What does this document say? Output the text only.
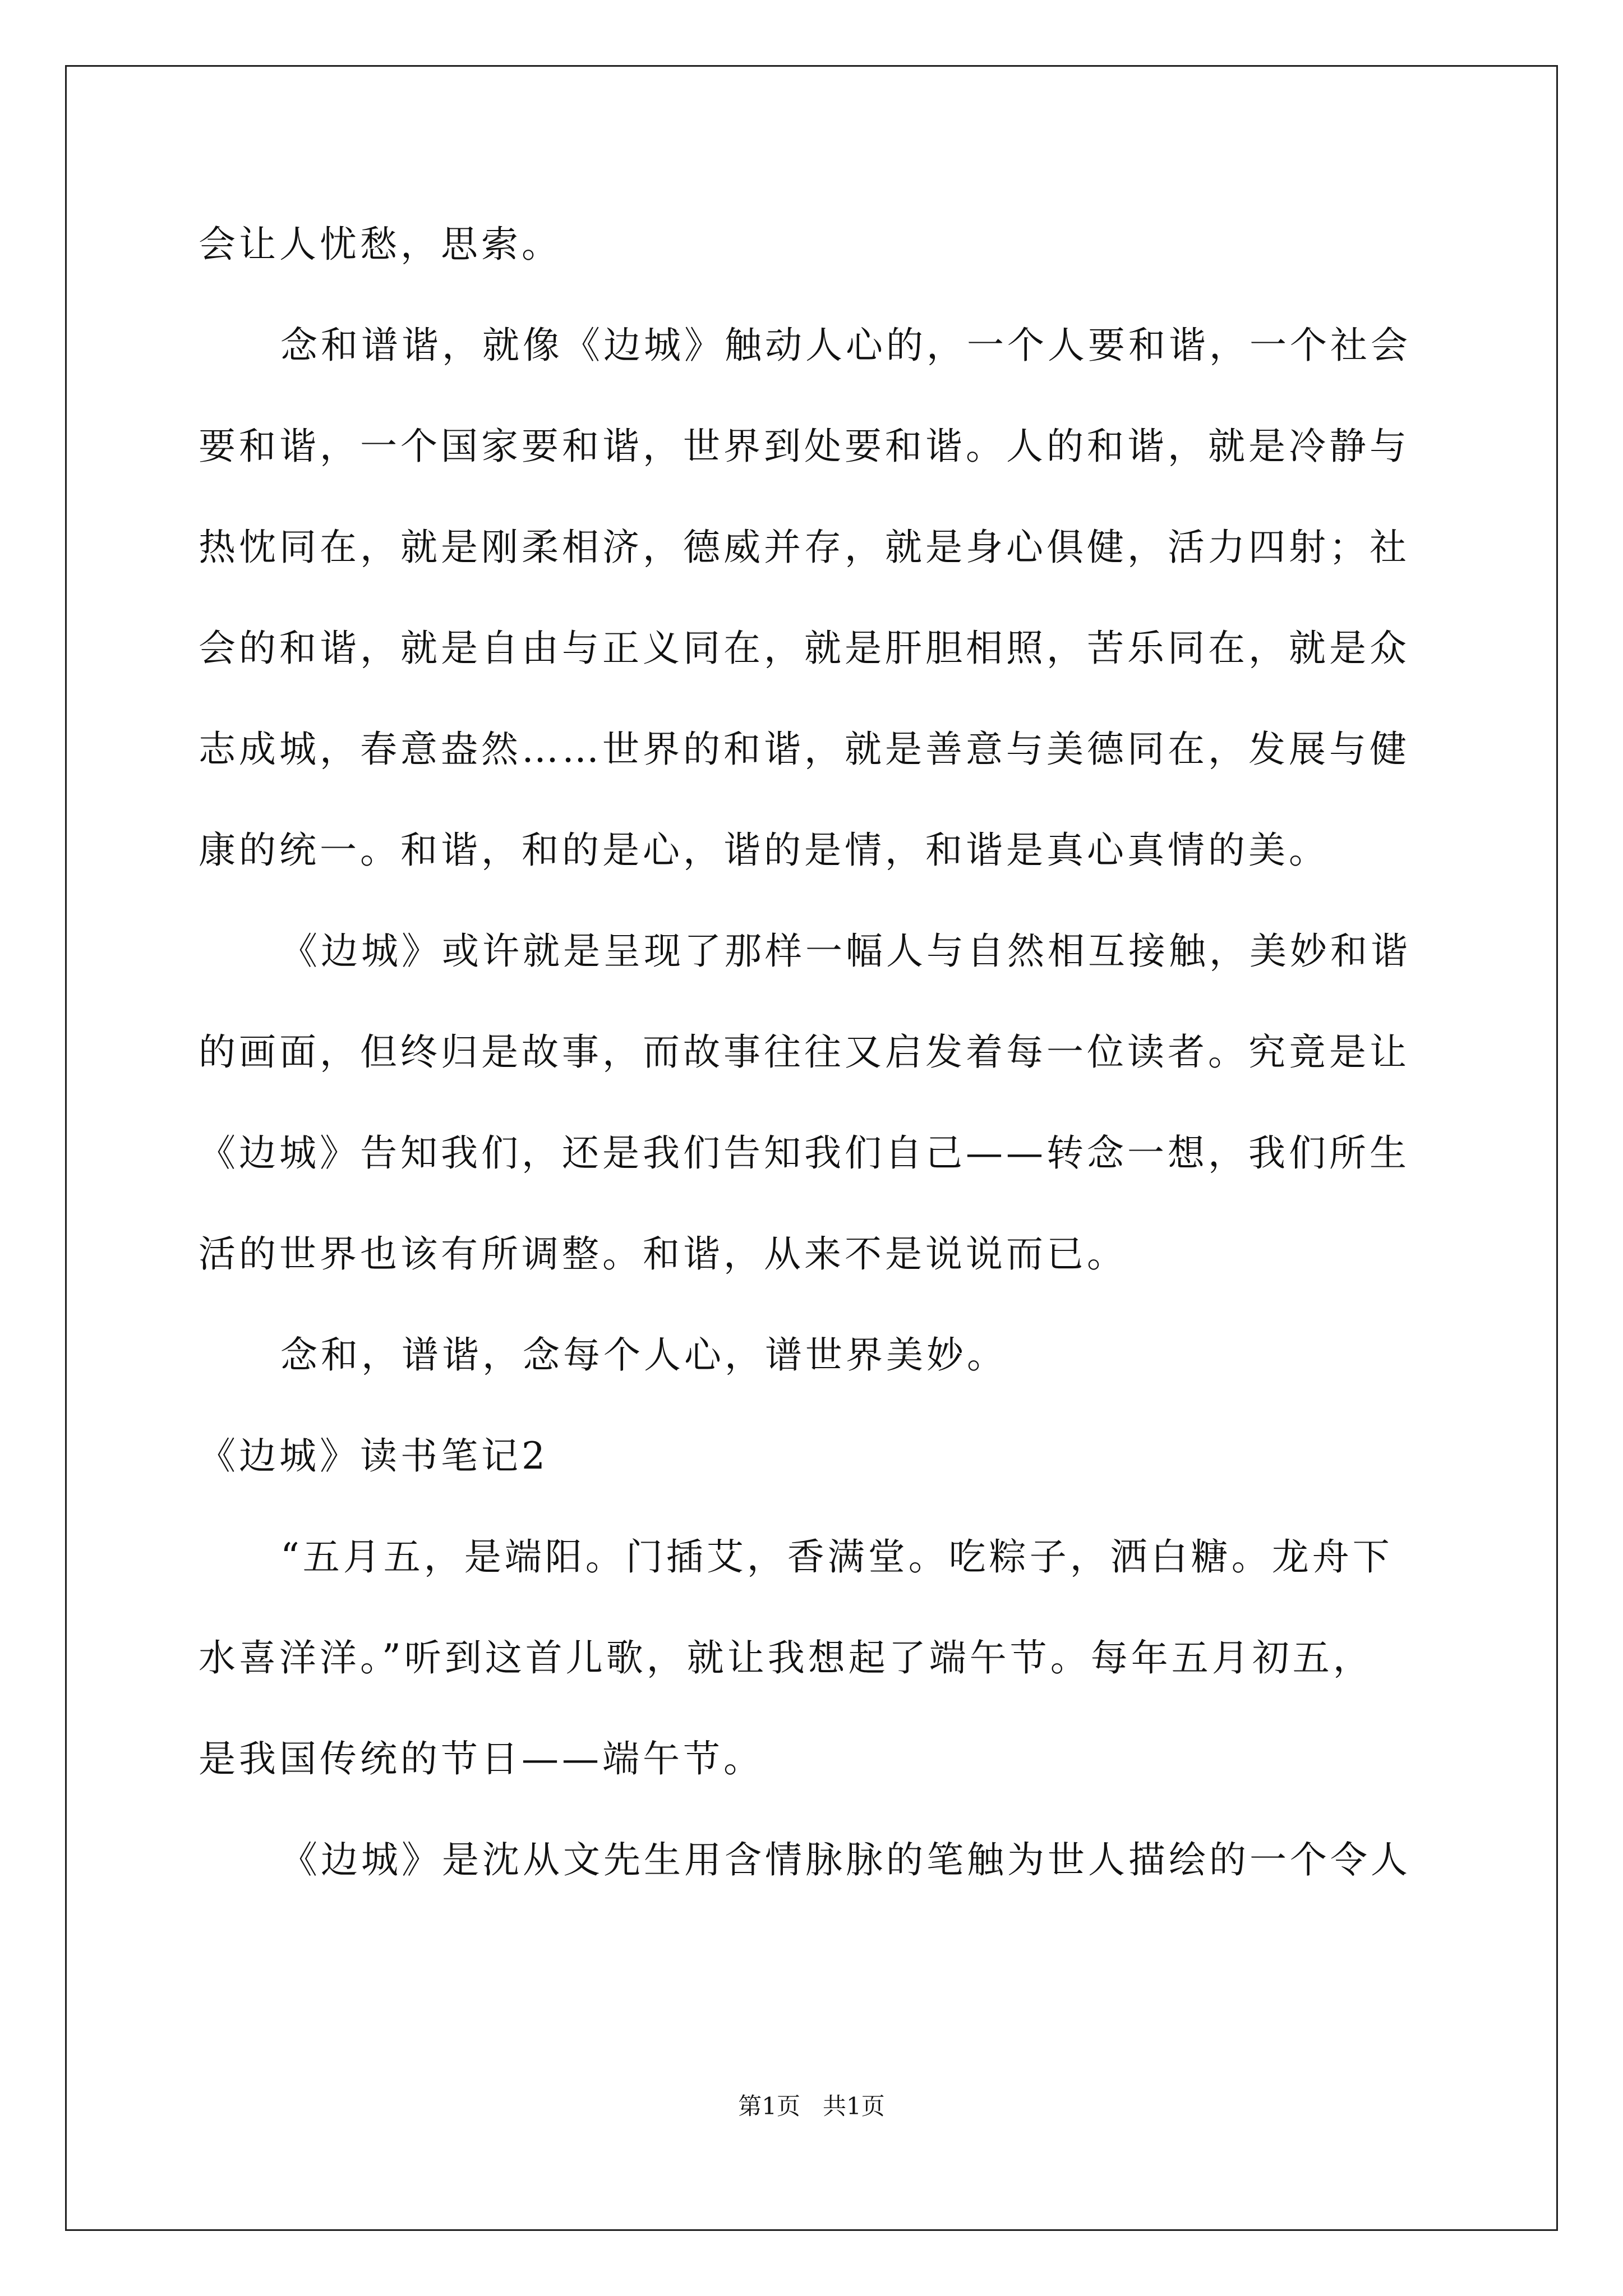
会让人忧愁，思索。
念和谱谐，就像《边城》触动人心的，一个人要和谐，一个社会
要和谐，一个国家要和谐，世界到处要和谐。人的和谐，就是冷静与
热忱同在，就是刚柔相济，德威并存，就是身心俱健，活力四射；社
会的和谐，就是自由与正义同在，就是肝胆相照，苦乐同在，就是众
志成城，春意盎然……世界的和谐，就是善意与美德同在，发展与健
康的统一。和谐，和的是心，谐的是情，和谐是真心真情的美。
《边城》或许就是呈现了那样一幅人与自然相互接触，美妙和谐
的画面，但终归是故事，而故事往往又启发着每一位读者。究竟是让
《边城》告知我们，还是我们告知我们自己——转念一想，我们所生
活的世界也该有所调整。和谐，从来不是说说而已。
念和，谱谐，念每个人心，谱世界美妙。
《边城》读书笔记2
“五月五，是端阳。门插艾，香满堂。吃粽子，洒白糖。龙舟下
水喜洋洋。”听到这首儿歌，就让我想起了端午节。每年五月初五，
是我国传统的节日——端午节。
《边城》是沈从文先生用含情脉脉的笔触为世人描绘的一个令人
第1页   共1页
